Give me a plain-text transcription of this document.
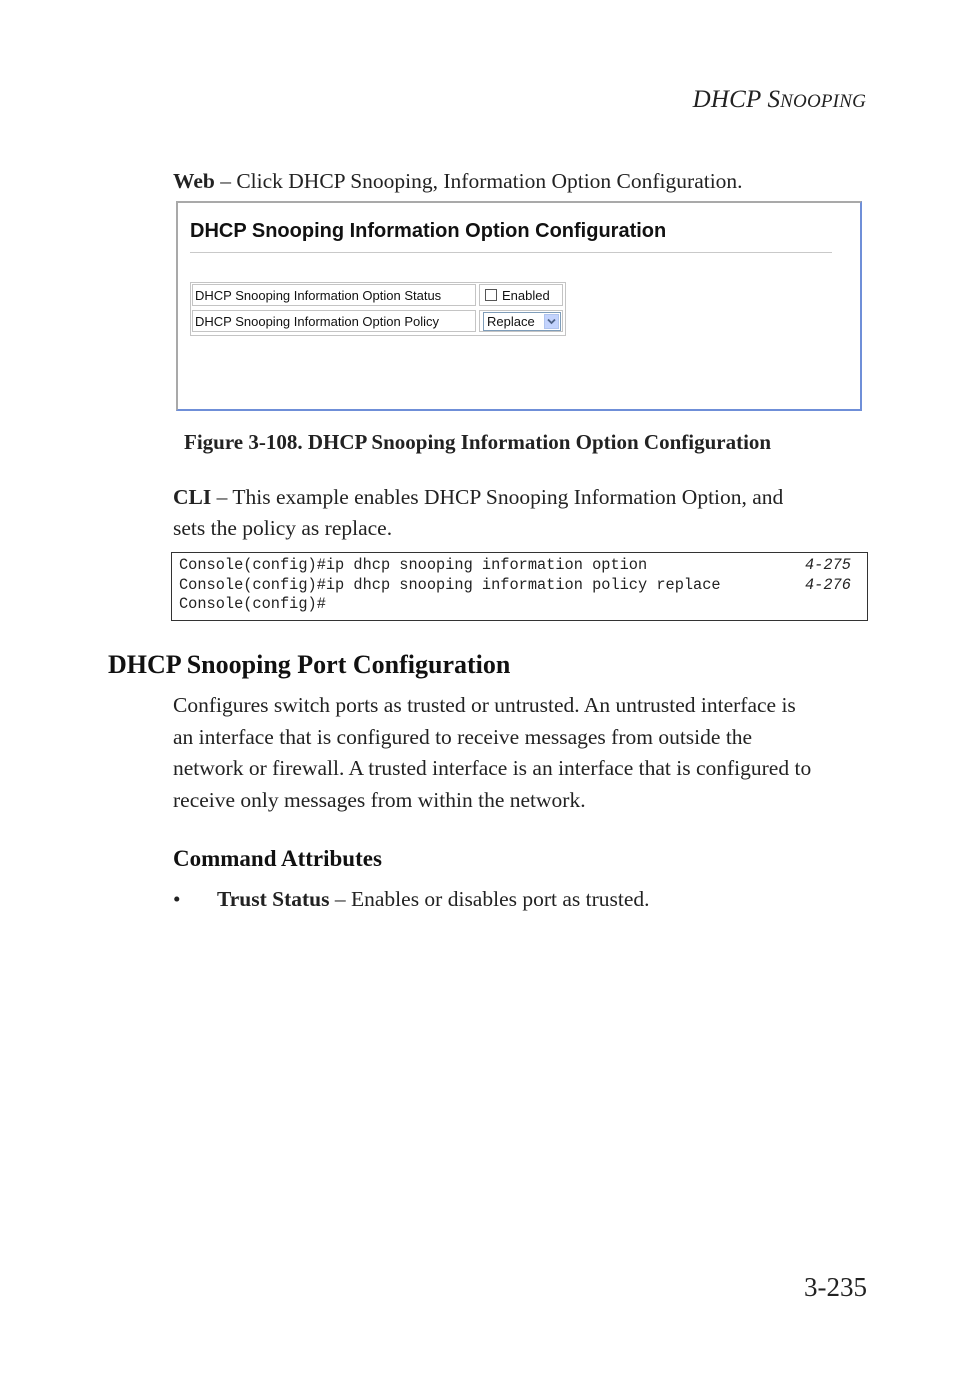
DHCP SNOOPING
Web – Click DHCP Snooping, Information Option Configuration.
DHCP Snooping Information Option Configuration
DHCP Snooping Information Option Status	Enabled
DHCP Snooping Information Option Policy	Replace
Figure 3-108. DHCP Snooping Information Option Configuration
CLI – This example enables DHCP Snooping Information Option, and
sets the policy as replace.
Console(config)#ip dhcp snooping information option	4-275
Console(config)#ip dhcp snooping information policy replace	4-276
Console(config)#
DHCP Snooping Port Configuration
Configures switch ports as trusted or untrusted. An untrusted interface is
an interface that is configured to receive messages from outside the
network or firewall. A trusted interface is an interface that is configured to
receive only messages from within the network.
Command Attributes
• Trust Status – Enables or disables port as trusted.
3-235
